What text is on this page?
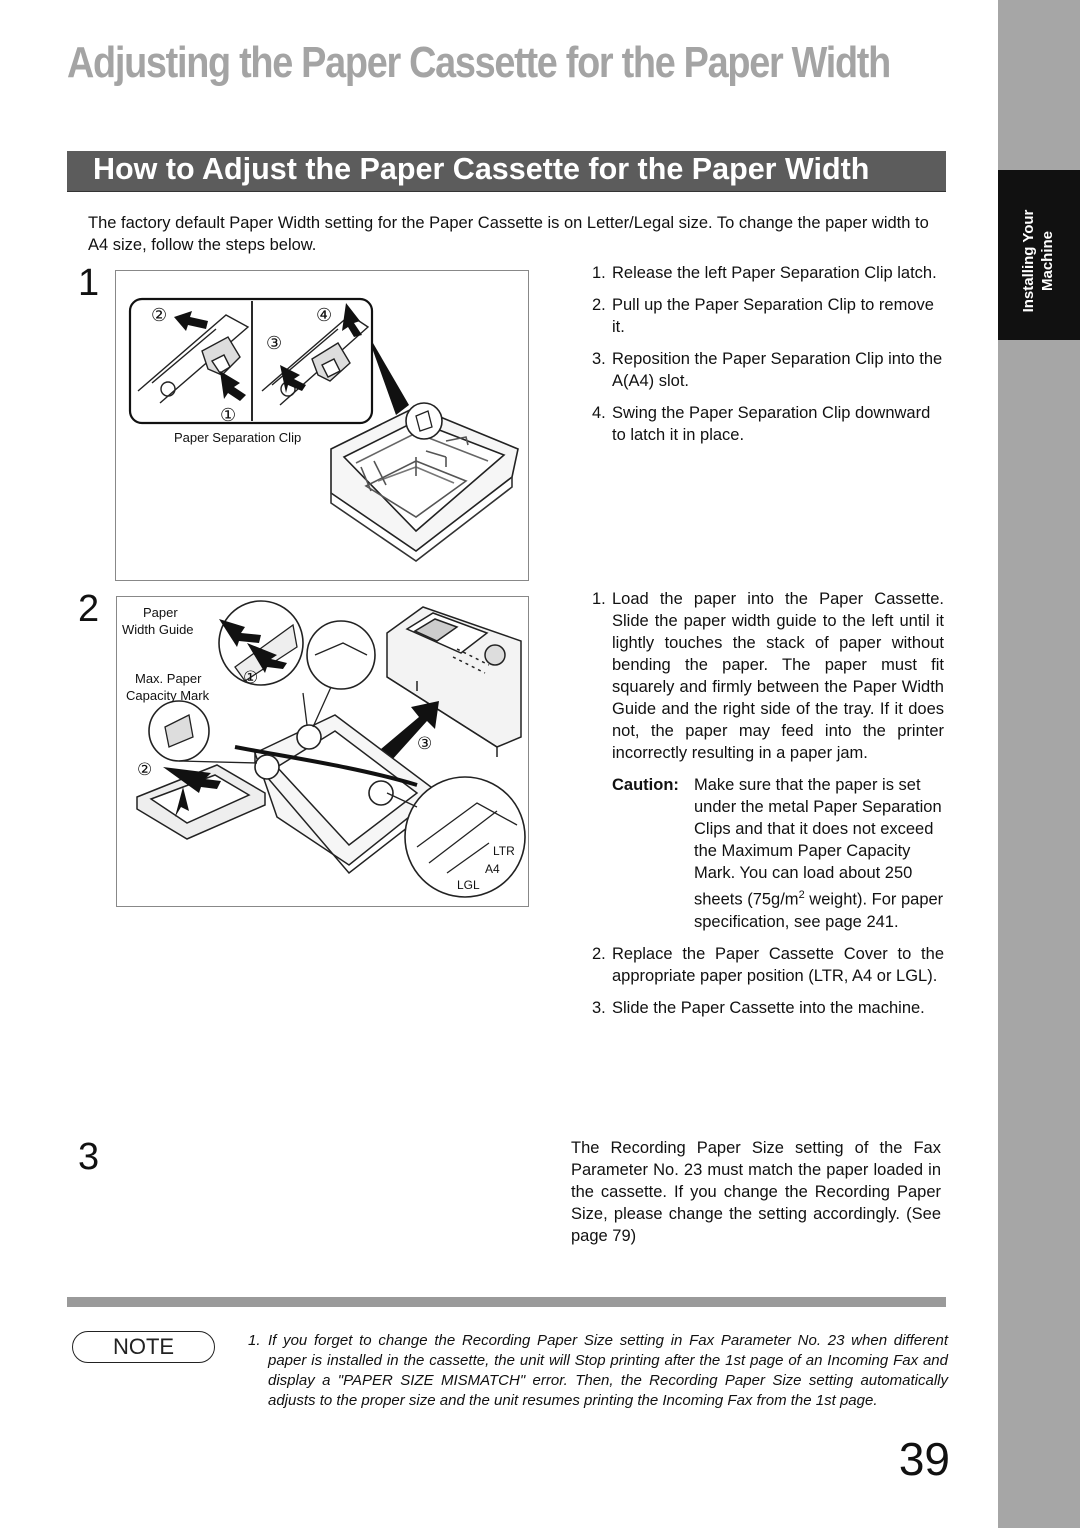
Adjusting the Paper Cassette for the Paper Width
Installing Your Machine
How to Adjust the Paper Cassette for the Paper Width
The factory default Paper Width setting for the Paper Cassette is on Letter/Legal size. To change the paper width to A4 size, follow the steps below.
1
②	④
③
①
Paper Separation Clip
1. Release the left Paper Separation Clip latch.
2. Pull up the Paper Separation Clip to remove it.
3. Reposition the Paper Separation Clip into the A(A4) slot.
4. Swing the Paper Separation Clip downward to latch it in place.
2	Paper
Width Guide
Max. Paper
Capacity Mark
LTR
A4
LGL
①
②
③
1. Load the paper into the Paper Cassette. Slide the paper width guide to the left until it lightly touches the stack of paper without bending the paper. The paper must fit squarely and firmly between the Paper Width Guide and the right side of the tray. If it does not, the paper may feed into the printer incorrectly resulting in a paper jam.
Caution: Make sure that the paper is set under the metal Paper Separation Clips and that it does not exceed the Maximum Paper Capacity Mark. You can load about 250 sheets ($75g/m^2$ weight). For paper specification, see page 241.
2. Replace the Paper Cassette Cover to the appropriate paper position (LTR, A4 or LGL).
3. Slide the Paper Cassette into the machine.
3	The Recording Paper Size setting of the Fax Parameter No. 23 must match the paper loaded in the cassette. If you change the Recording Paper Size, please change the setting accordingly. (See page 79)
NOTE	1. If you forget to change the Recording Paper Size setting in Fax Parameter No. 23 when different paper is installed in the cassette, the unit will Stop printing after the 1st page of an Incoming Fax and display a "PAPER SIZE MISMATCH" error. Then, the Recording Paper Size setting automatically adjusts to the proper size and the unit resumes printing the Incoming Fax from the 1st page.
39
